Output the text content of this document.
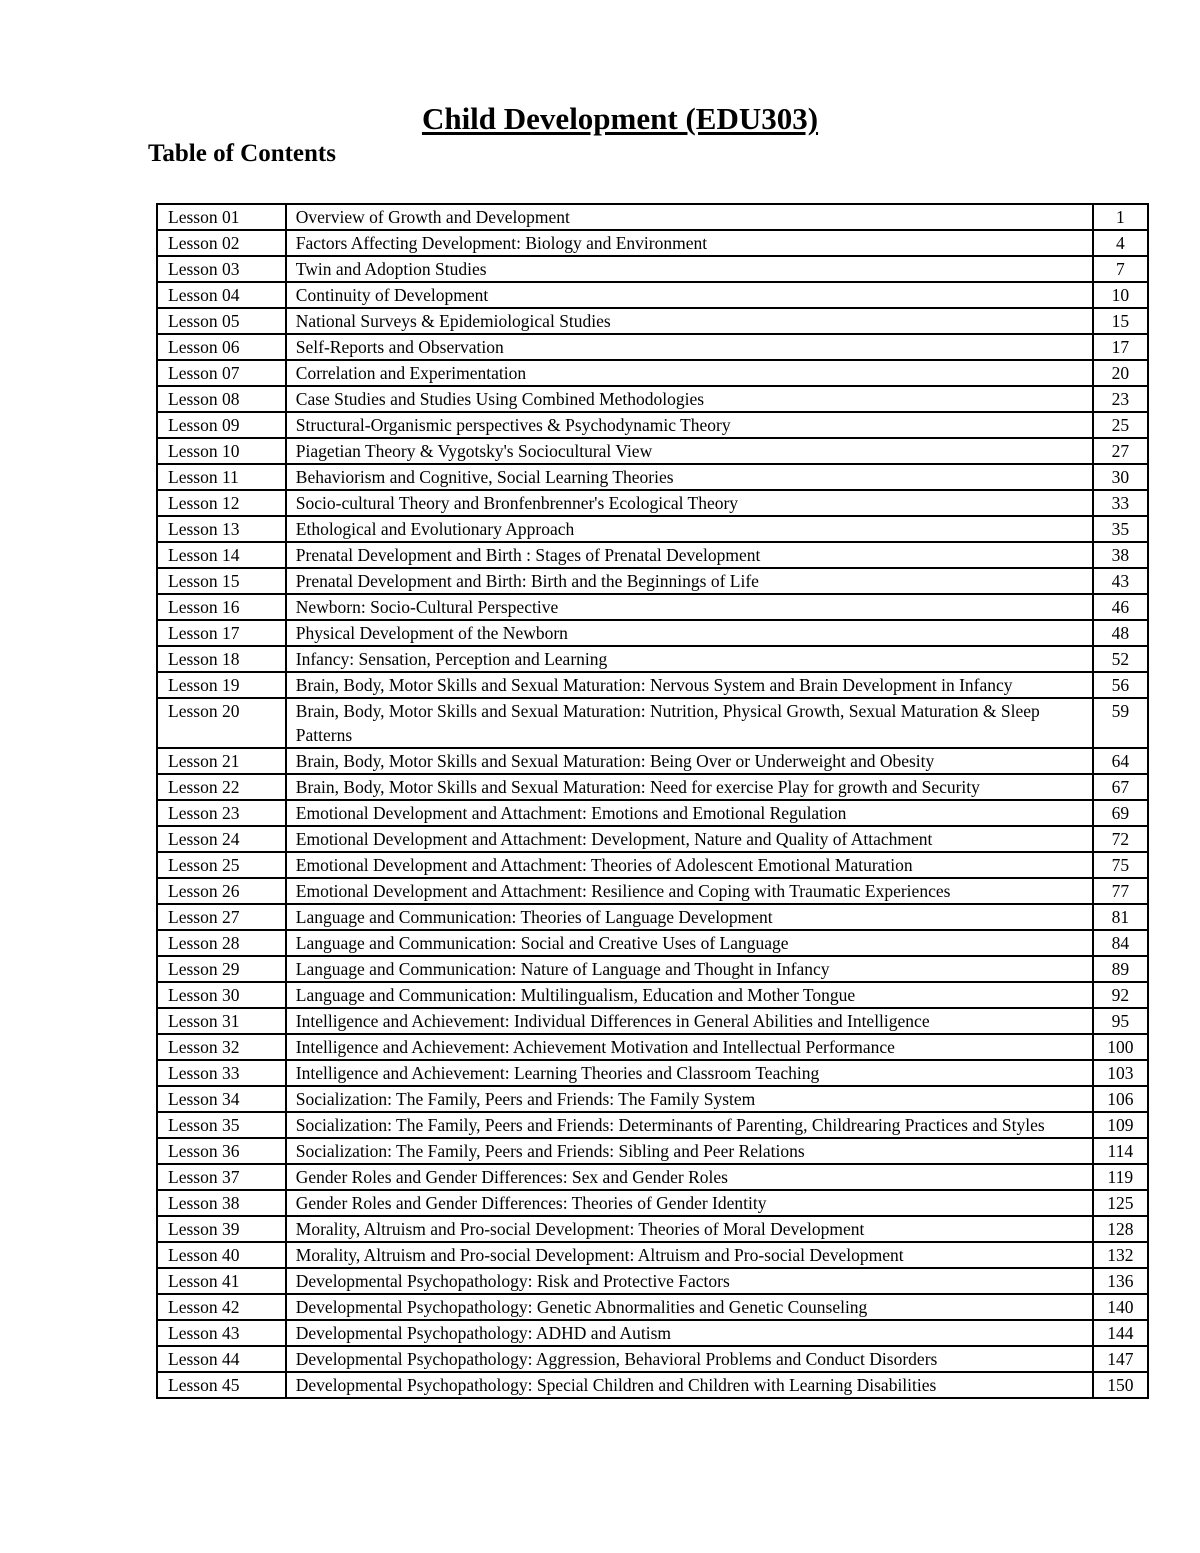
Child Development (EDU303)
Table of Contents
Lesson 01	Overview of Growth and Development	1
Lesson 02	Factors Affecting Development: Biology and Environment	4
Lesson 03	Twin and Adoption Studies	7
Lesson 04	Continuity of Development	10
Lesson 05	National Surveys & Epidemiological Studies	15
Lesson 06	Self-Reports and Observation	17
Lesson 07	Correlation and Experimentation	20
Lesson 08	Case Studies and Studies Using Combined Methodologies	23
Lesson 09	Structural-Organismic perspectives & Psychodynamic Theory	25
Lesson 10	Piagetian Theory & Vygotsky's Sociocultural View	27
Lesson 11	Behaviorism and Cognitive, Social Learning Theories	30
Lesson 12	Socio-cultural Theory and Bronfenbrenner's Ecological Theory	33
Lesson 13	Ethological and Evolutionary Approach	35
Lesson 14	Prenatal Development and Birth : Stages of Prenatal Development	38
Lesson 15	Prenatal Development and Birth: Birth and the Beginnings of Life	43
Lesson 16	Newborn: Socio-Cultural Perspective	46
Lesson 17	Physical Development of the Newborn	48
Lesson 18	Infancy: Sensation, Perception and Learning	52
Lesson 19	Brain, Body, Motor Skills and Sexual Maturation: Nervous System and Brain Development in Infancy	56
Lesson 20	Brain, Body, Motor Skills and Sexual Maturation: Nutrition, Physical Growth, Sexual Maturation & Sleep Patterns	59
Lesson 21	Brain, Body, Motor Skills and Sexual Maturation: Being Over or Underweight and Obesity	64
Lesson 22	Brain, Body, Motor Skills and Sexual Maturation: Need for exercise Play for growth and Security	67
Lesson 23	Emotional Development and Attachment: Emotions and Emotional Regulation	69
Lesson 24	Emotional Development and Attachment: Development, Nature and Quality of Attachment	72
Lesson 25	Emotional Development and Attachment: Theories of Adolescent Emotional Maturation	75
Lesson 26	Emotional Development and Attachment: Resilience and Coping with Traumatic Experiences	77
Lesson 27	Language and Communication: Theories of Language Development	81
Lesson 28	Language and Communication: Social and Creative Uses of Language	84
Lesson 29	Language and Communication: Nature of Language and Thought in Infancy	89
Lesson 30	Language and Communication: Multilingualism, Education and Mother Tongue	92
Lesson 31	Intelligence and Achievement: Individual Differences in General Abilities and Intelligence	95
Lesson 32	Intelligence and Achievement: Achievement Motivation and Intellectual Performance	100
Lesson 33	Intelligence and Achievement: Learning Theories and Classroom Teaching	103
Lesson 34	Socialization: The Family, Peers and Friends: The Family System	106
Lesson 35	Socialization: The Family, Peers and Friends: Determinants of Parenting, Childrearing Practices and Styles	109
Lesson 36	Socialization: The Family, Peers and Friends: Sibling and Peer Relations	114
Lesson 37	Gender Roles and Gender Differences: Sex and Gender Roles	119
Lesson 38	Gender Roles and Gender Differences: Theories of Gender Identity	125
Lesson 39	Morality, Altruism and Pro-social Development: Theories of Moral Development	128
Lesson 40	Morality, Altruism and Pro-social Development: Altruism and Pro-social Development	132
Lesson 41	Developmental Psychopathology: Risk and Protective Factors	136
Lesson 42	Developmental Psychopathology: Genetic Abnormalities and Genetic Counseling	140
Lesson 43	Developmental Psychopathology: ADHD and Autism	144
Lesson 44	Developmental Psychopathology: Aggression, Behavioral Problems and Conduct Disorders	147
Lesson 45	Developmental Psychopathology: Special Children and Children with Learning Disabilities	150
